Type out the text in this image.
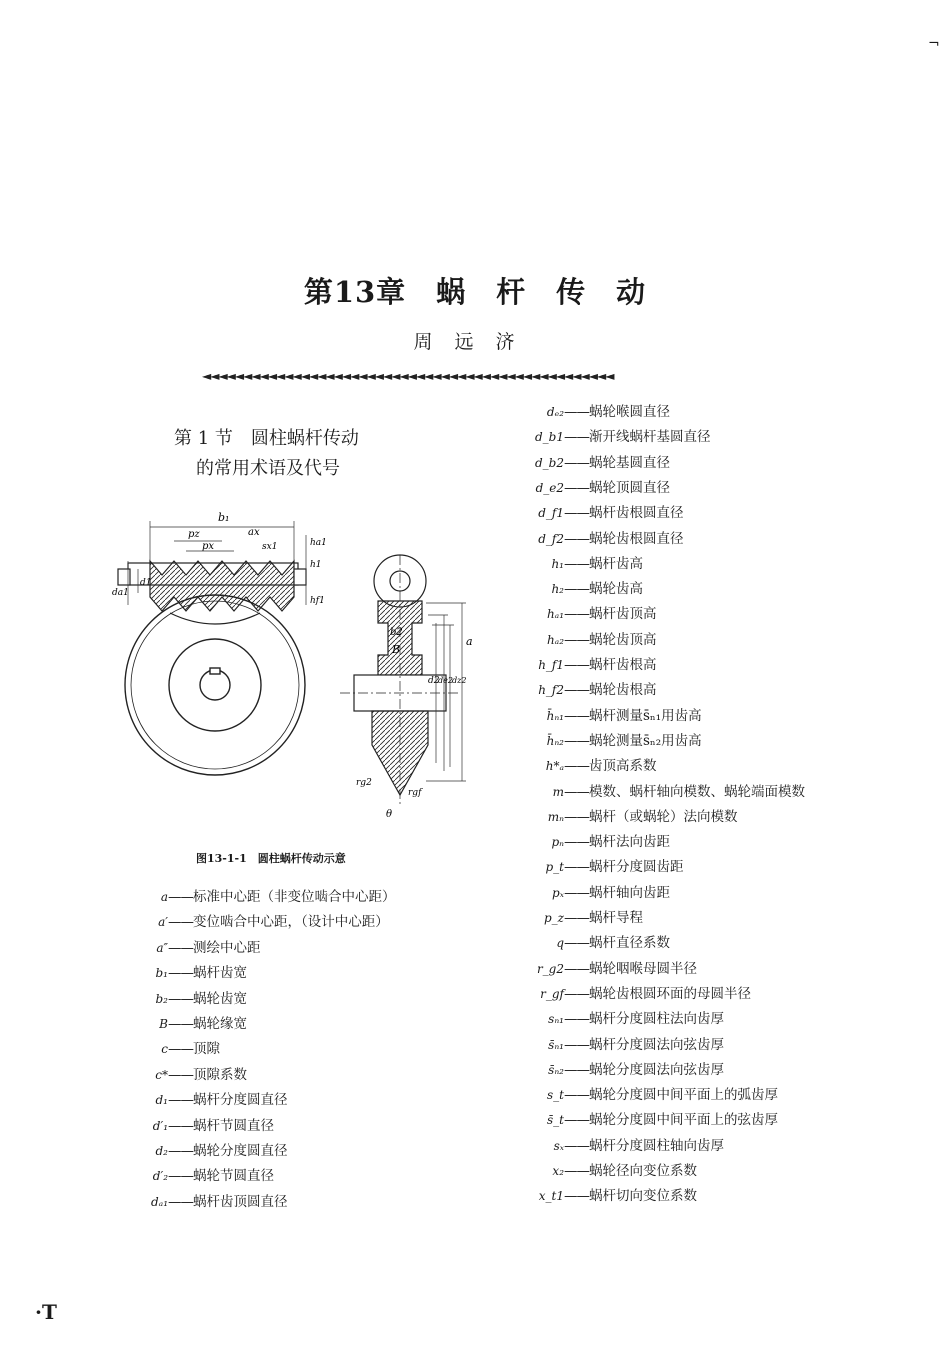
¬
第13章　蜗　杆　传　动
周远济
◄◄◄◄◄◄◄◄◄◄◄◄◄◄◄◄◄◄◄◄◄◄◄◄◄◄◄◄◄◄◄◄◄◄◄◄◄◄◄◄◄◄◄◄◄◄◄◄◄◄
第 1 节　圆柱蜗杆传动
的常用术语及代号
b₁
pz
px
ax
sx1	ha1
h1
hf1
da1
d1
b2
B
a
d2
de2 dz2
rg2
rgf
θ
图13-1-1　圆柱蜗杆传动示意
a——标准中心距（非变位啮合中心距）
a′——变位啮合中心距，（设计中心距）
a″——测绘中心距
b₁——蜗杆齿宽
b₂——蜗轮齿宽
B——蜗轮缘宽
c——顶隙
c*——顶隙系数
d₁——蜗杆分度圆直径
d′₁——蜗杆节圆直径
d₂——蜗轮分度圆直径
d′₂——蜗轮节圆直径
dₐ₁——蜗杆齿顶圆直径
dₑ₂——蜗轮喉圆直径
d_b1——渐开线蜗杆基圆直径
d_b2——蜗轮基圆直径
d_e2——蜗轮顶圆直径
d_f1——蜗杆齿根圆直径
d_f2——蜗轮齿根圆直径
h₁——蜗杆齿高
h₂——蜗轮齿高
hₐ₁——蜗杆齿顶高
hₐ₂——蜗轮齿顶高
h_f1——蜗杆齿根高
h_f2——蜗轮齿根高
h̄ₙ₁——蜗杆测量s̄ₙ₁用齿高
h̄ₙ₂——蜗轮测量s̄ₙ₂用齿高
h*ₐ——齿顶高系数
m——模数、蜗杆轴向模数、蜗轮端面模数
mₙ——蜗杆（或蜗轮）法向模数
pₙ——蜗杆法向齿距
p_t——蜗杆分度圆齿距
pₓ——蜗杆轴向齿距
p_z——蜗杆导程
q——蜗杆直径系数
r_g2——蜗轮咽喉母圆半径
r_gf——蜗轮齿根圆环面的母圆半径
sₙ₁——蜗杆分度圆柱法向齿厚
s̄ₙ₁——蜗杆分度圆法向弦齿厚
s̄ₙ₂——蜗轮分度圆法向弦齿厚
s_t——蜗轮分度圆中间平面上的弧齿厚
s̄_t——蜗轮分度圆中间平面上的弦齿厚
sₓ——蜗杆分度圆柱轴向齿厚
x₂——蜗轮径向变位系数
x_t1——蜗杆切向变位系数
·T
